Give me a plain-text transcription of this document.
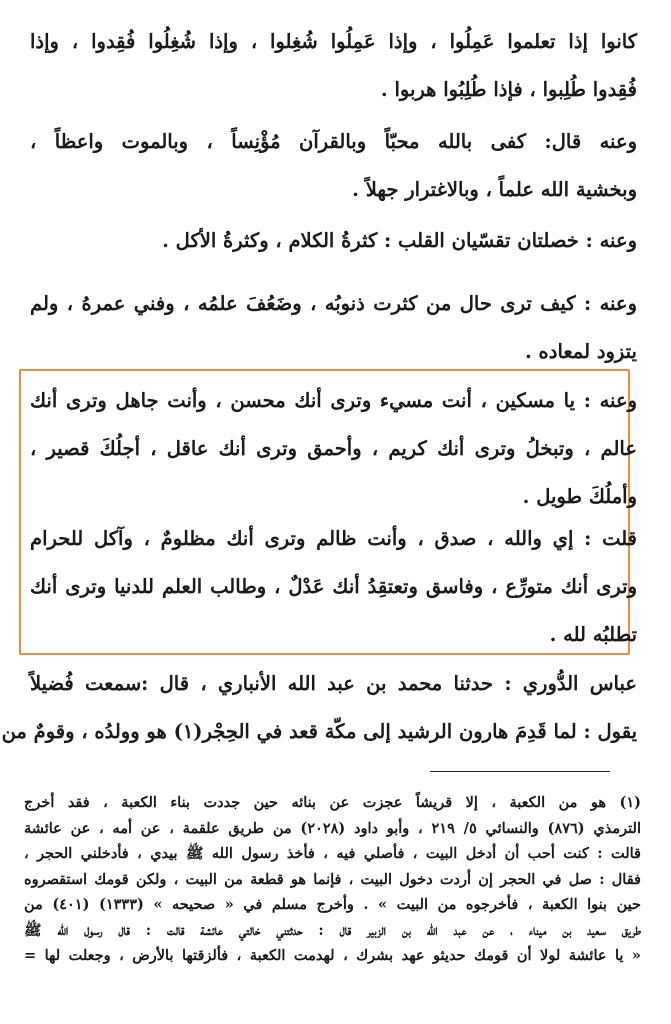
كانوا إذا تعلموا عَمِلُوا ، وإذا عَمِلُوا شُغِلوا ، وإذا شُغِلُوا فُقِدوا ، وإذا
فُقِدوا طُلِبوا ، فإذا طُلِبُوا هربوا .
وعنه قال: كفى بالله محبّاً وبالقرآن مُؤْنِساً ، وبالموت واعظاً ،
وبخشية الله علماً ، وبالاغترار جهلاً .
وعنه : خصلتان تقسّيان القلب : كثرةُ الكلام ، وكثرةُ الأكل .
وعنه : كيف ترى حال من كثرت ذنوبُه ، وضَعُفَ علمُه ، وفني عمرهُ ، ولم
يتزود لمعاده .
وعنه : يا مسكين ، أنت مسيء وترى أنك محسن ، وأنت جاهل وترى أنك
عالم ، وتبخلُ وترى أنك كريم ، وأحمق وترى أنك عاقل ، أجلُكَ قصير ،
وأملُكَ طويل .
قلت : إي والله ، صدق ، وأنت ظالم وترى أنك مظلومٌ ، وآكل للحرام
وترى أنك متورِّع ، وفاسق وتعتقِدُ أنك عَدْلٌ ، وطالب العلم للدنيا وترى أنك
تطلبُه لله .
عباس الدُّوري : حدثنا محمد بن عبد الله الأنباري ، قال :سمعت فُضيلاً
يقول : لما قَدِمَ هارون الرشيد إلى مكّة قعد في الحِجْر(١) هو وولدُه ، وقومٌ من
(١) هو من الكعبة ، إلا قريشاً عجزت عن بنائه حين جددت بناء الكعبة ، فقد أخرج
الترمذي (٨٧٦) والنسائي ٥/ ٢١٩ ، وأبو داود (٢٠٢٨) من طريق علقمة ، عن أمه ، عن عائشة
قالت : كنت أحب أن أدخل البيت ، فأصلي فيه ، فأخذ رسول الله ﷺ بيدي ، فأدخلني الحجر ،
فقال : صل في الحجر إن أردت دخول البيت ، فإنما هو قطعة من البيت ، ولكن قومك استقصروه
حين بنوا الكعبة ، فأخرجوه من البيت » . وأخرج مسلم في « صحيحه » (١٣٣٣) (٤٠١) من
طريق سعيد بن ميناء ، عن عبد الله بن الزبير قال : حدثتني خالتي عائشة قالت : قال رسول الله ﷺ
« يا عائشة لولا أن قومك حديثو عهد بشرك ، لهدمت الكعبة ، فألزقتها بالأرض ، وجعلت لها =
